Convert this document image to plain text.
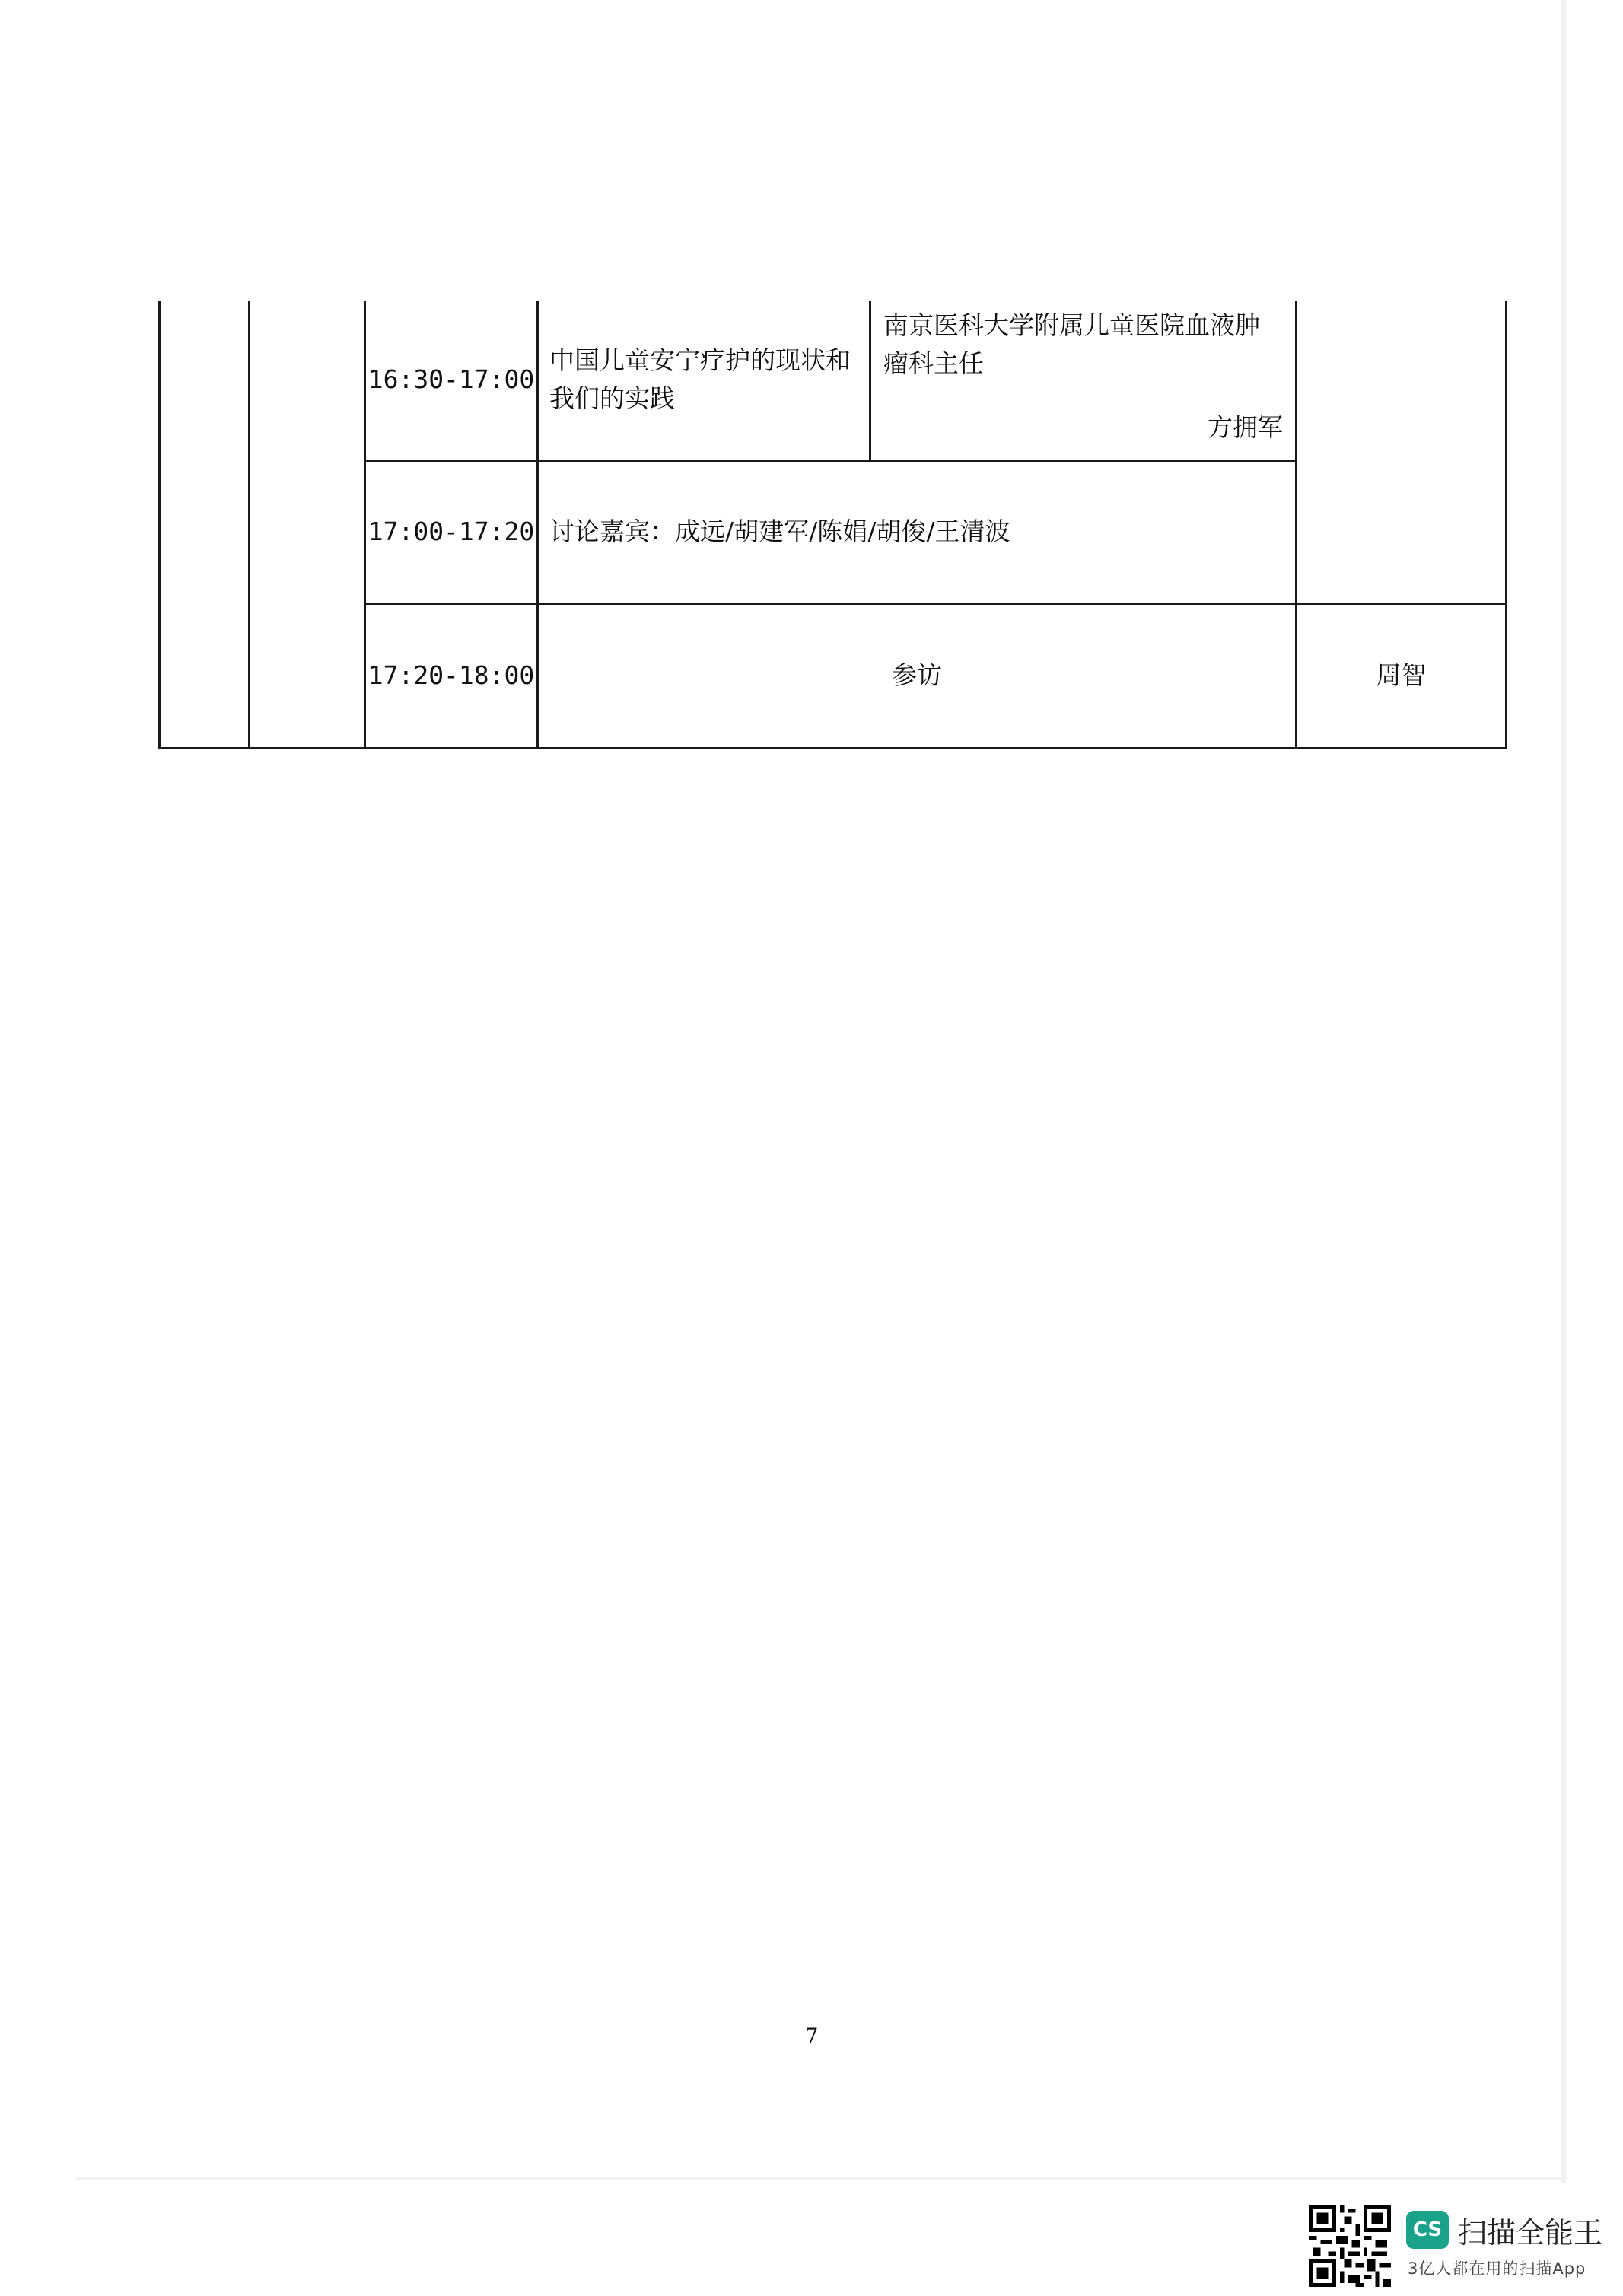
		16:30-17:00	中国儿童安宁疗护的现状和我们的实践	南京医科大学附属儿童医院血液肿瘤科主任
方拥军	

		17:00-17:20	讨论嘉宾：成远/胡建军/陈娟/胡俊/王清波		
		17:20-18:00	参访		周智
7
CS 扫描全能王
3亿人都在用的扫描App
